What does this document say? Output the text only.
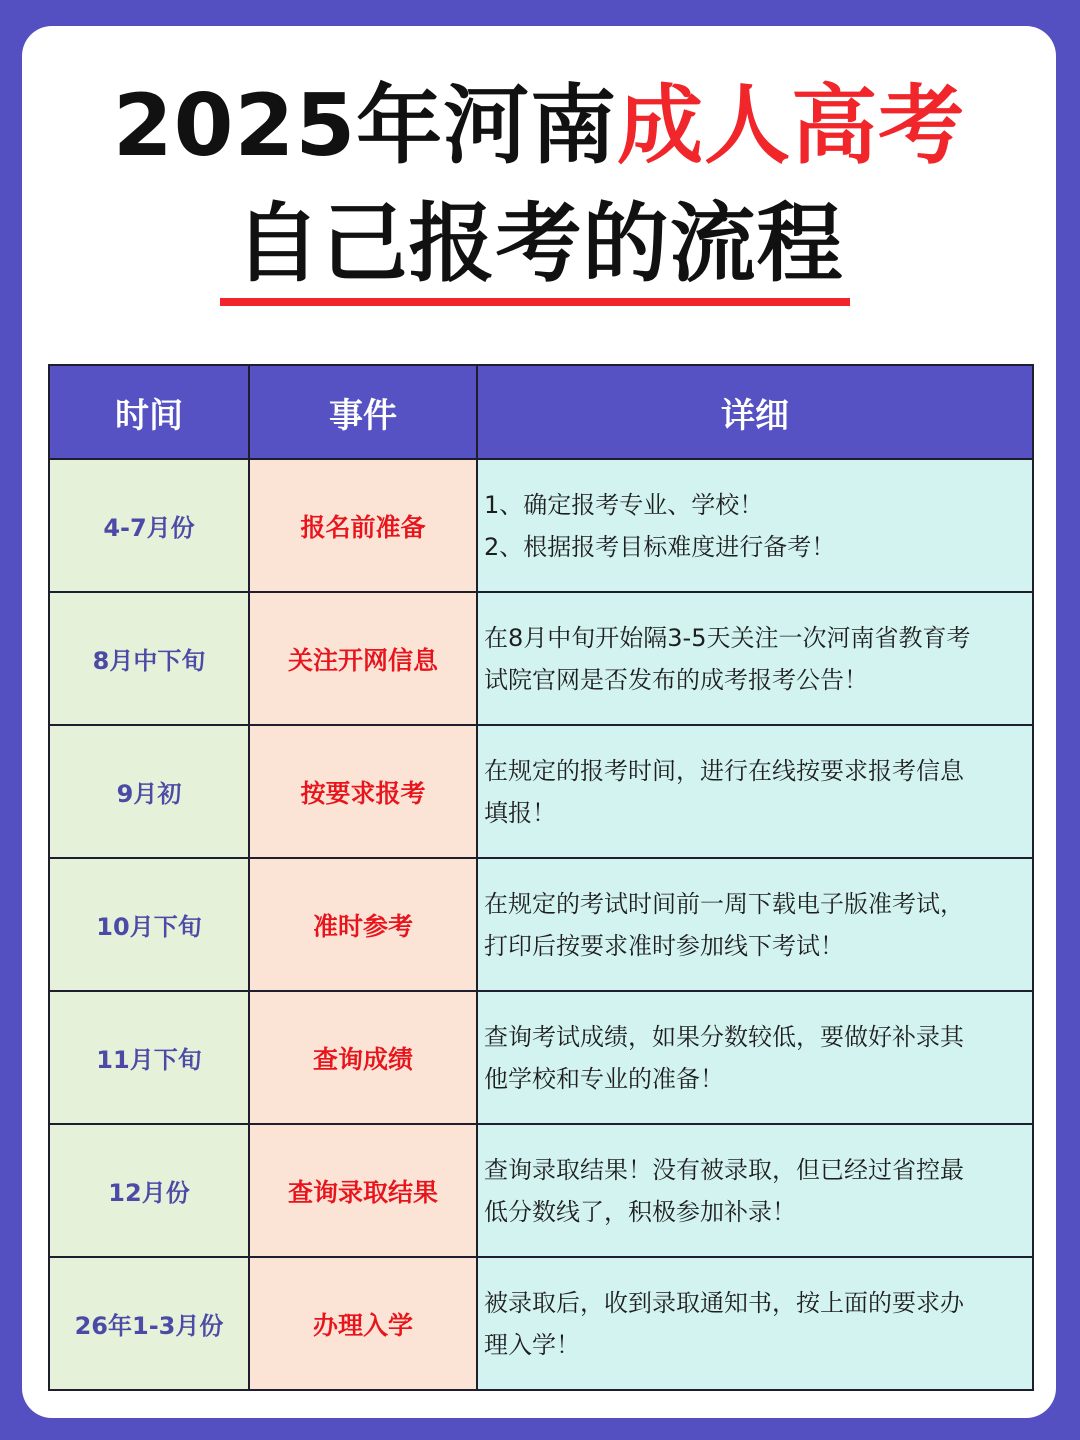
2025年河南成人高考
自己报考的流程
时间	事件	详细
4-7月份	报名前准备	1、确定报考专业、学校！
2、根据报考目标难度进行备考！

8月中下旬	关注开网信息	在8月中旬开始隔3-5天关注一次河南省教育考
试院官网是否发布的成考报考公告！

9月初	按要求报考	在规定的报考时间，进行在线按要求报考信息
填报！

10月下旬	准时参考	在规定的考试时间前一周下载电子版准考试，
打印后按要求准时参加线下考试！

11月下旬	查询成绩	查询考试成绩，如果分数较低，要做好补录其
他学校和专业的准备！

12月份	查询录取结果	查询录取结果！没有被录取，但已经过省控最
低分数线了，积极参加补录！

26年1-3月份	办理入学	被录取后，收到录取通知书，按上面的要求办
理入学！
